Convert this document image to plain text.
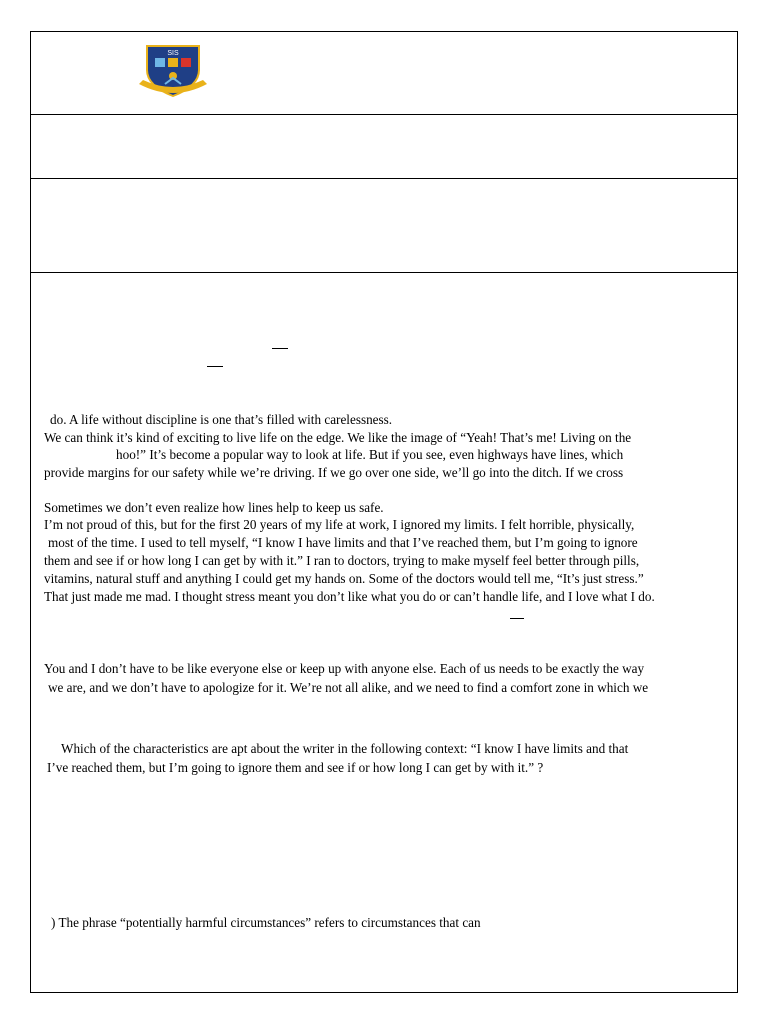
SIS
do. A life without discipline is one that’s filled with carelessness.
We can think it’s kind of exciting to live life on the edge. We like the image of “Yeah! That’s me! Living on the
hoo!” It’s become a popular way to look at life. But if you see, even highways have lines, which
provide margins for our safety while we’re driving. If we go over one side, we’ll go into the ditch. If we cross
Sometimes we don’t even realize how lines help to keep us safe.
I’m not proud of this, but for the first 20 years of my life at work, I ignored my limits. I felt horrible, physically,
most of the time. I used to tell myself, “I know I have limits and that I’ve reached them, but I’m going to ignore
them and see if or how long I can get by with it.” I ran to doctors, trying to make myself feel better through pills,
vitamins, natural stuff and anything I could get my hands on. Some of the doctors would tell me, “It’s just stress.”
That just made me mad. I thought stress meant you don’t like what you do or can’t handle life, and I love what I do.
You and I don’t have to be like everyone else or keep up with anyone else. Each of us needs to be exactly the way
we are, and we don’t have to apologize for it. We’re not all alike, and we need to find a comfort zone in which we
Which of the characteristics are apt about the writer in the following context: “I know I have limits and that
I’ve reached them, but I’m going to ignore them and see if or how long I can get by with it.” ?
) The phrase “potentially harmful circumstances” refers to circumstances that can
